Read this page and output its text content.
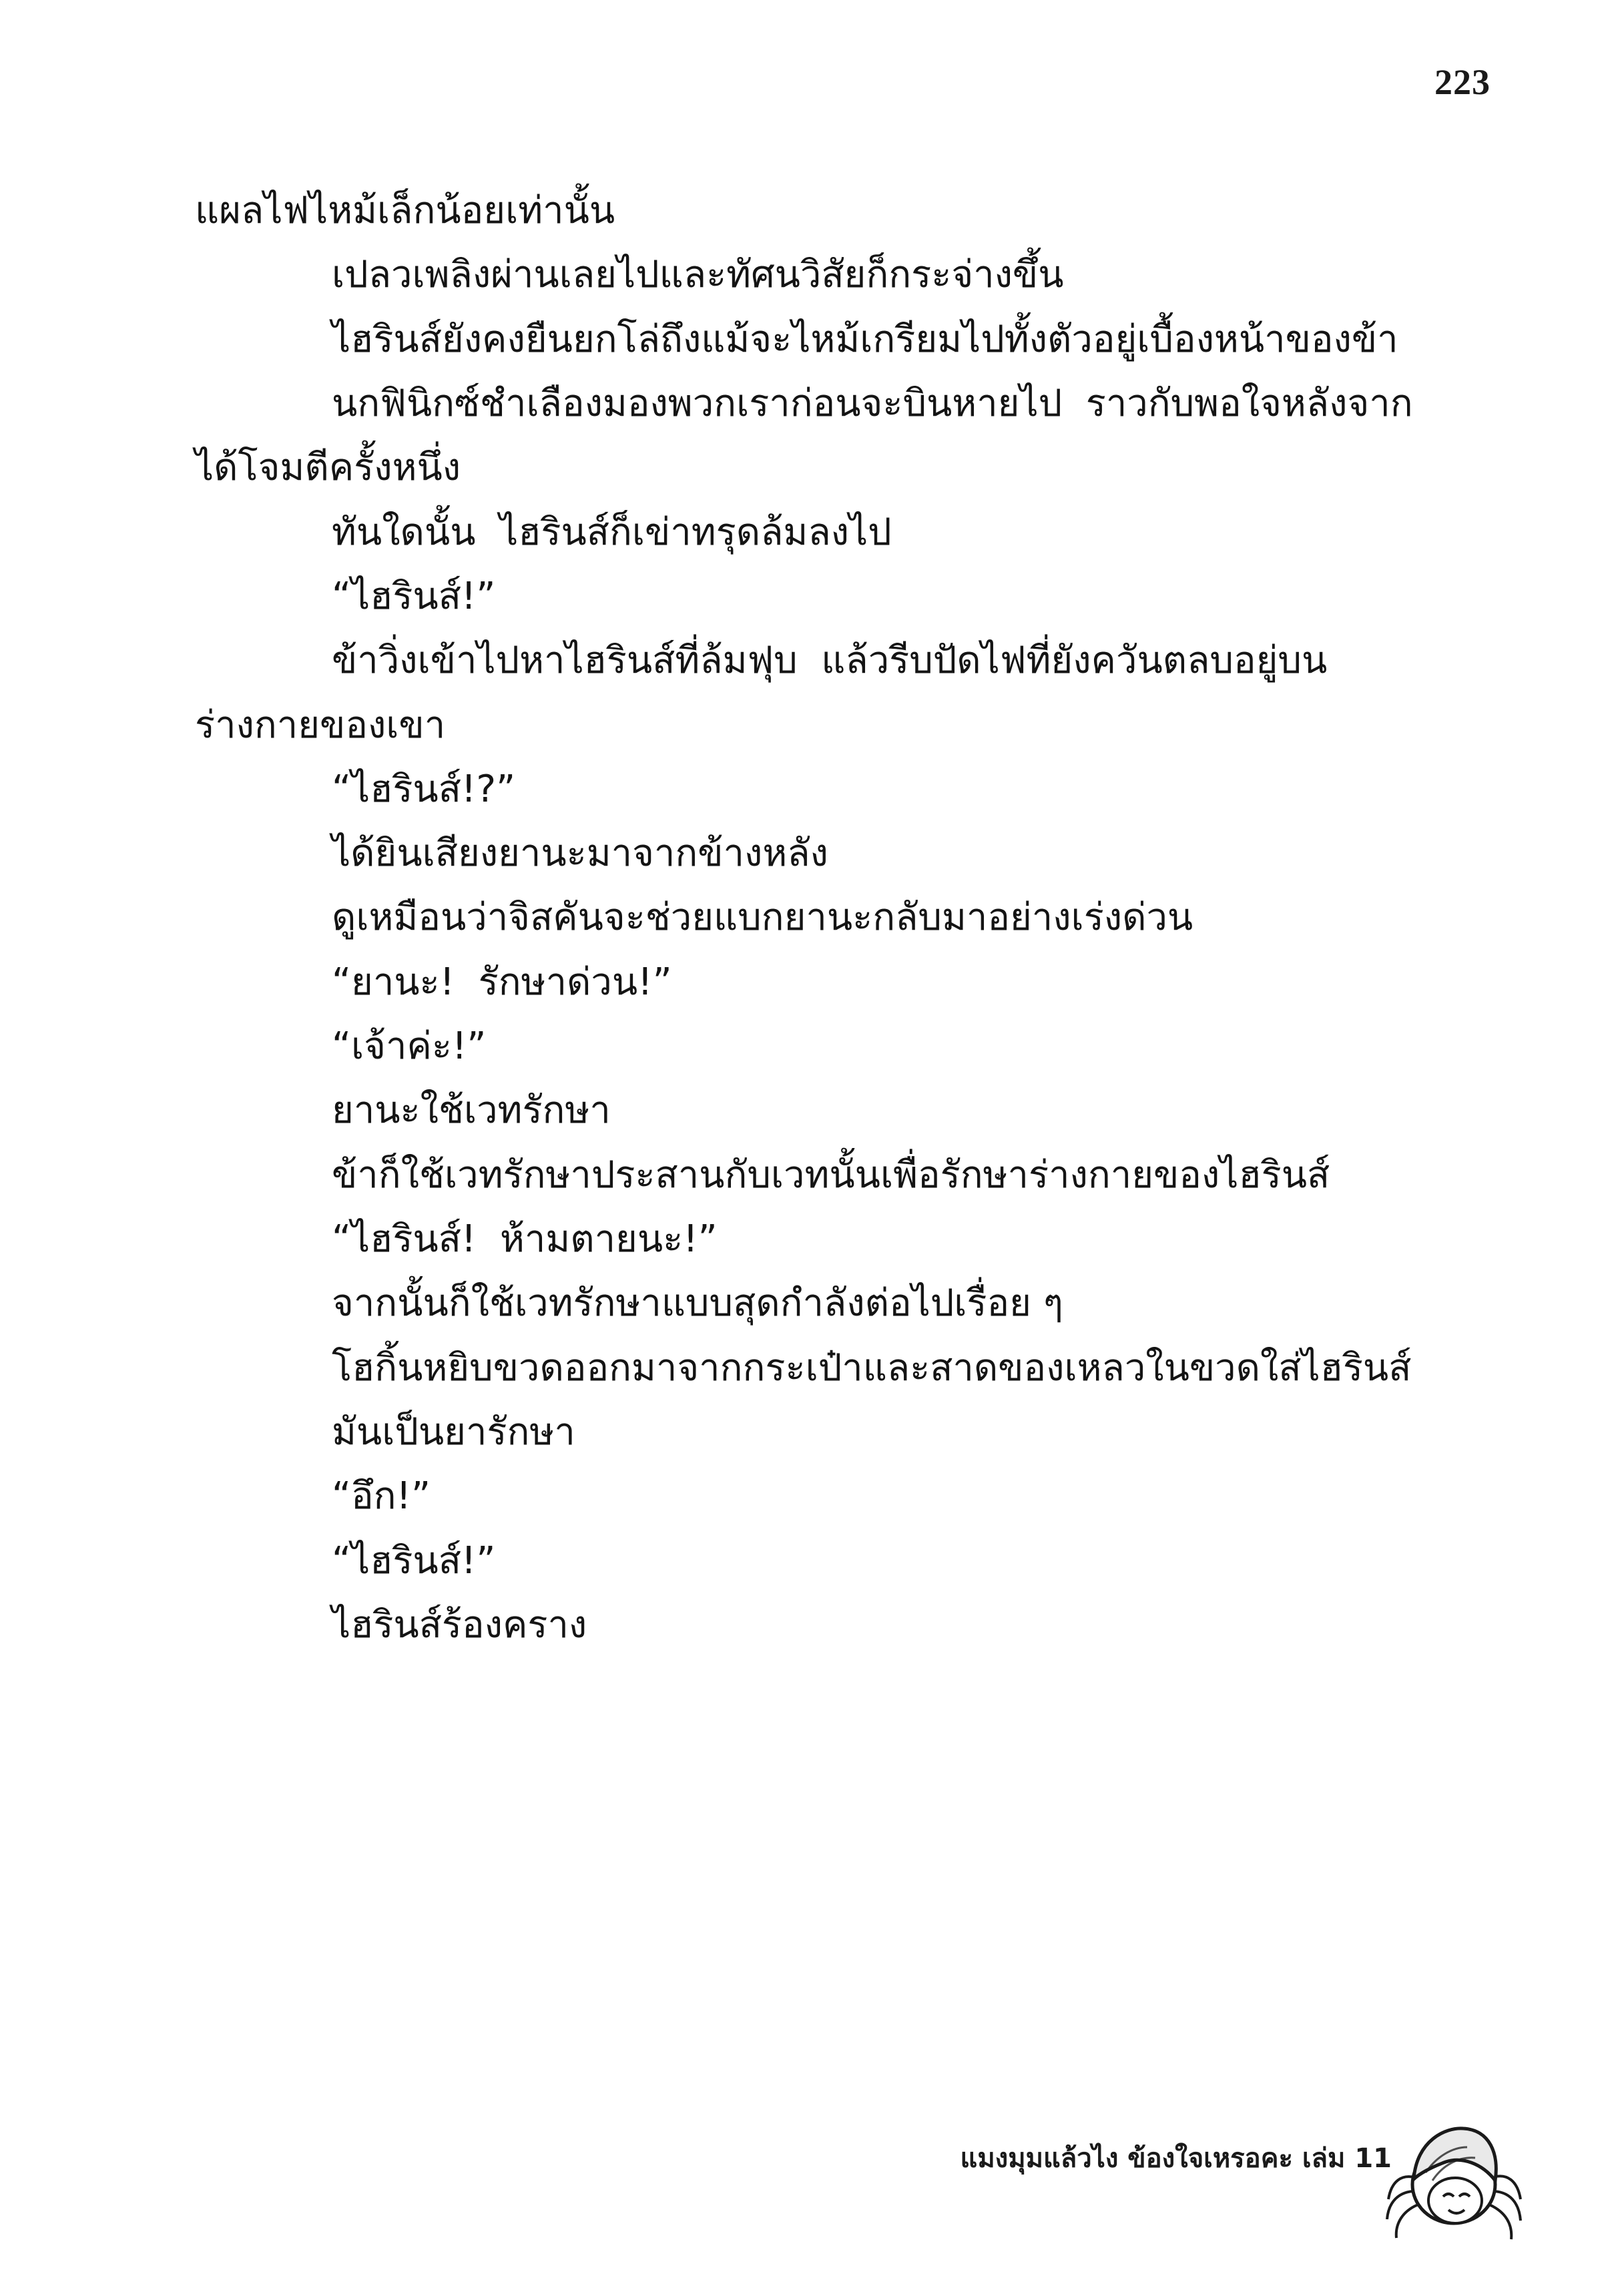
223

แผลไฟไหม้เล็กน้อยเท่านั้น

เปลวเพลิงผ่านเลยไปและทัศนวิสัยก็กระจ่างขึ้น

ไฮรินส์ยังคงยืนยกโล่ถึงแม้จะไหม้เกรียมไปทั้งตัวอยู่เบื้องหน้าของข้า

นกฟินิกซ์ชำเลืองมองพวกเราก่อนจะบินหายไป  ราวกับพอใจหลังจากได้โจมตีครั้งหนึ่ง

ทันใดนั้น  ไฮรินส์ก็เข่าทรุดล้มลงไป

“ไฮรินส์!”

ข้าวิ่งเข้าไปหาไฮรินส์ที่ล้มฟุบ  แล้วรีบปัดไฟที่ยังควันตลบอยู่บนร่างกายของเขา

“ไฮรินส์!?”

ได้ยินเสียงยานะมาจากข้างหลัง

ดูเหมือนว่าจิสคันจะช่วยแบกยานะกลับมาอย่างเร่งด่วน

“ยานะ!  รักษาด่วน!”

“เจ้าค่ะ!”

ยานะใช้เวทรักษา

ข้าก็ใช้เวทรักษาประสานกับเวทนั้นเพื่อรักษาร่างกายของไฮรินส์

“ไฮรินส์!  ห้ามตายนะ!”

จากนั้นก็ใช้เวทรักษาแบบสุดกำลังต่อไปเรื่อย ๆ

โฮกิ้นหยิบขวดออกมาจากกระเป๋าและสาดของเหลวในขวดใส่ไฮรินส์

มันเป็นยารักษา

“อึก!”

“ไฮรินส์!”

ไฮรินส์ร้องคราง

แมงมุมแล้วไง ข้องใจเหรอคะ เล่ม 11
